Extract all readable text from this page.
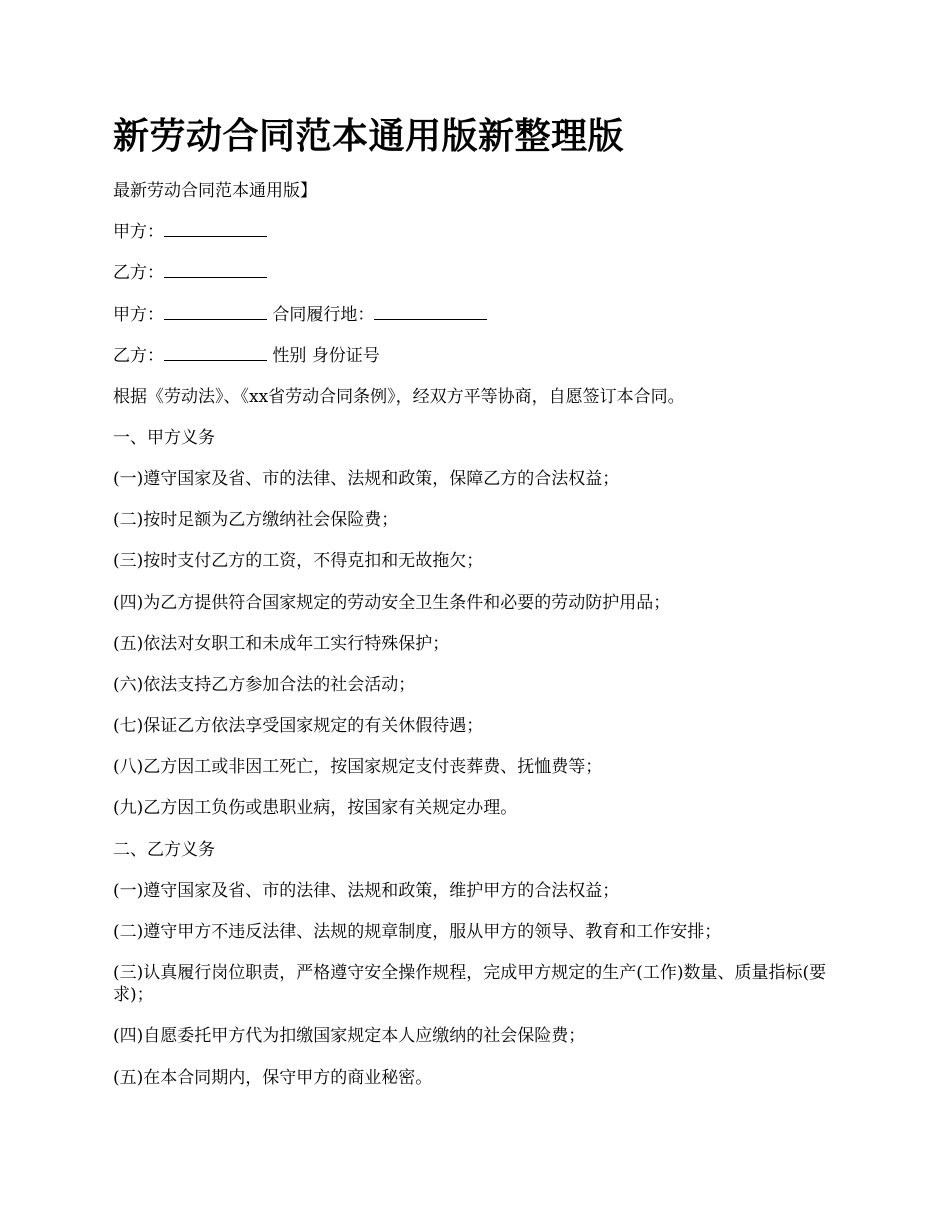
新劳动合同范本通用版新整理版

最新劳动合同范本通用版】

甲方：

乙方：

甲方：	合同履行地：

乙方：	性别 身份证号

根据《劳动法》、《xx省劳动合同条例》，经双方平等协商，自愿签订本合同。

一、甲方义务

(一)遵守国家及省、市的法律、法规和政策，保障乙方的合法权益；

(二)按时足额为乙方缴纳社会保险费；

(三)按时支付乙方的工资，不得克扣和无故拖欠；

(四)为乙方提供符合国家规定的劳动安全卫生条件和必要的劳动防护用品；

(五)依法对女职工和未成年工实行特殊保护；

(六)依法支持乙方参加合法的社会活动；

(七)保证乙方依法享受国家规定的有关休假待遇；

(八)乙方因工或非因工死亡，按国家规定支付丧葬费、抚恤费等；

(九)乙方因工负伤或患职业病，按国家有关规定办理。

二、乙方义务

(一)遵守国家及省、市的法律、法规和政策，维护甲方的合法权益；

(二)遵守甲方不违反法律、法规的规章制度，服从甲方的领导、教育和工作安排；

(三)认真履行岗位职责，严格遵守安全操作规程，完成甲方规定的生产(工作)数量、质量指标(要求)；

(四)自愿委托甲方代为扣缴国家规定本人应缴纳的社会保险费；

(五)在本合同期内，保守甲方的商业秘密。
